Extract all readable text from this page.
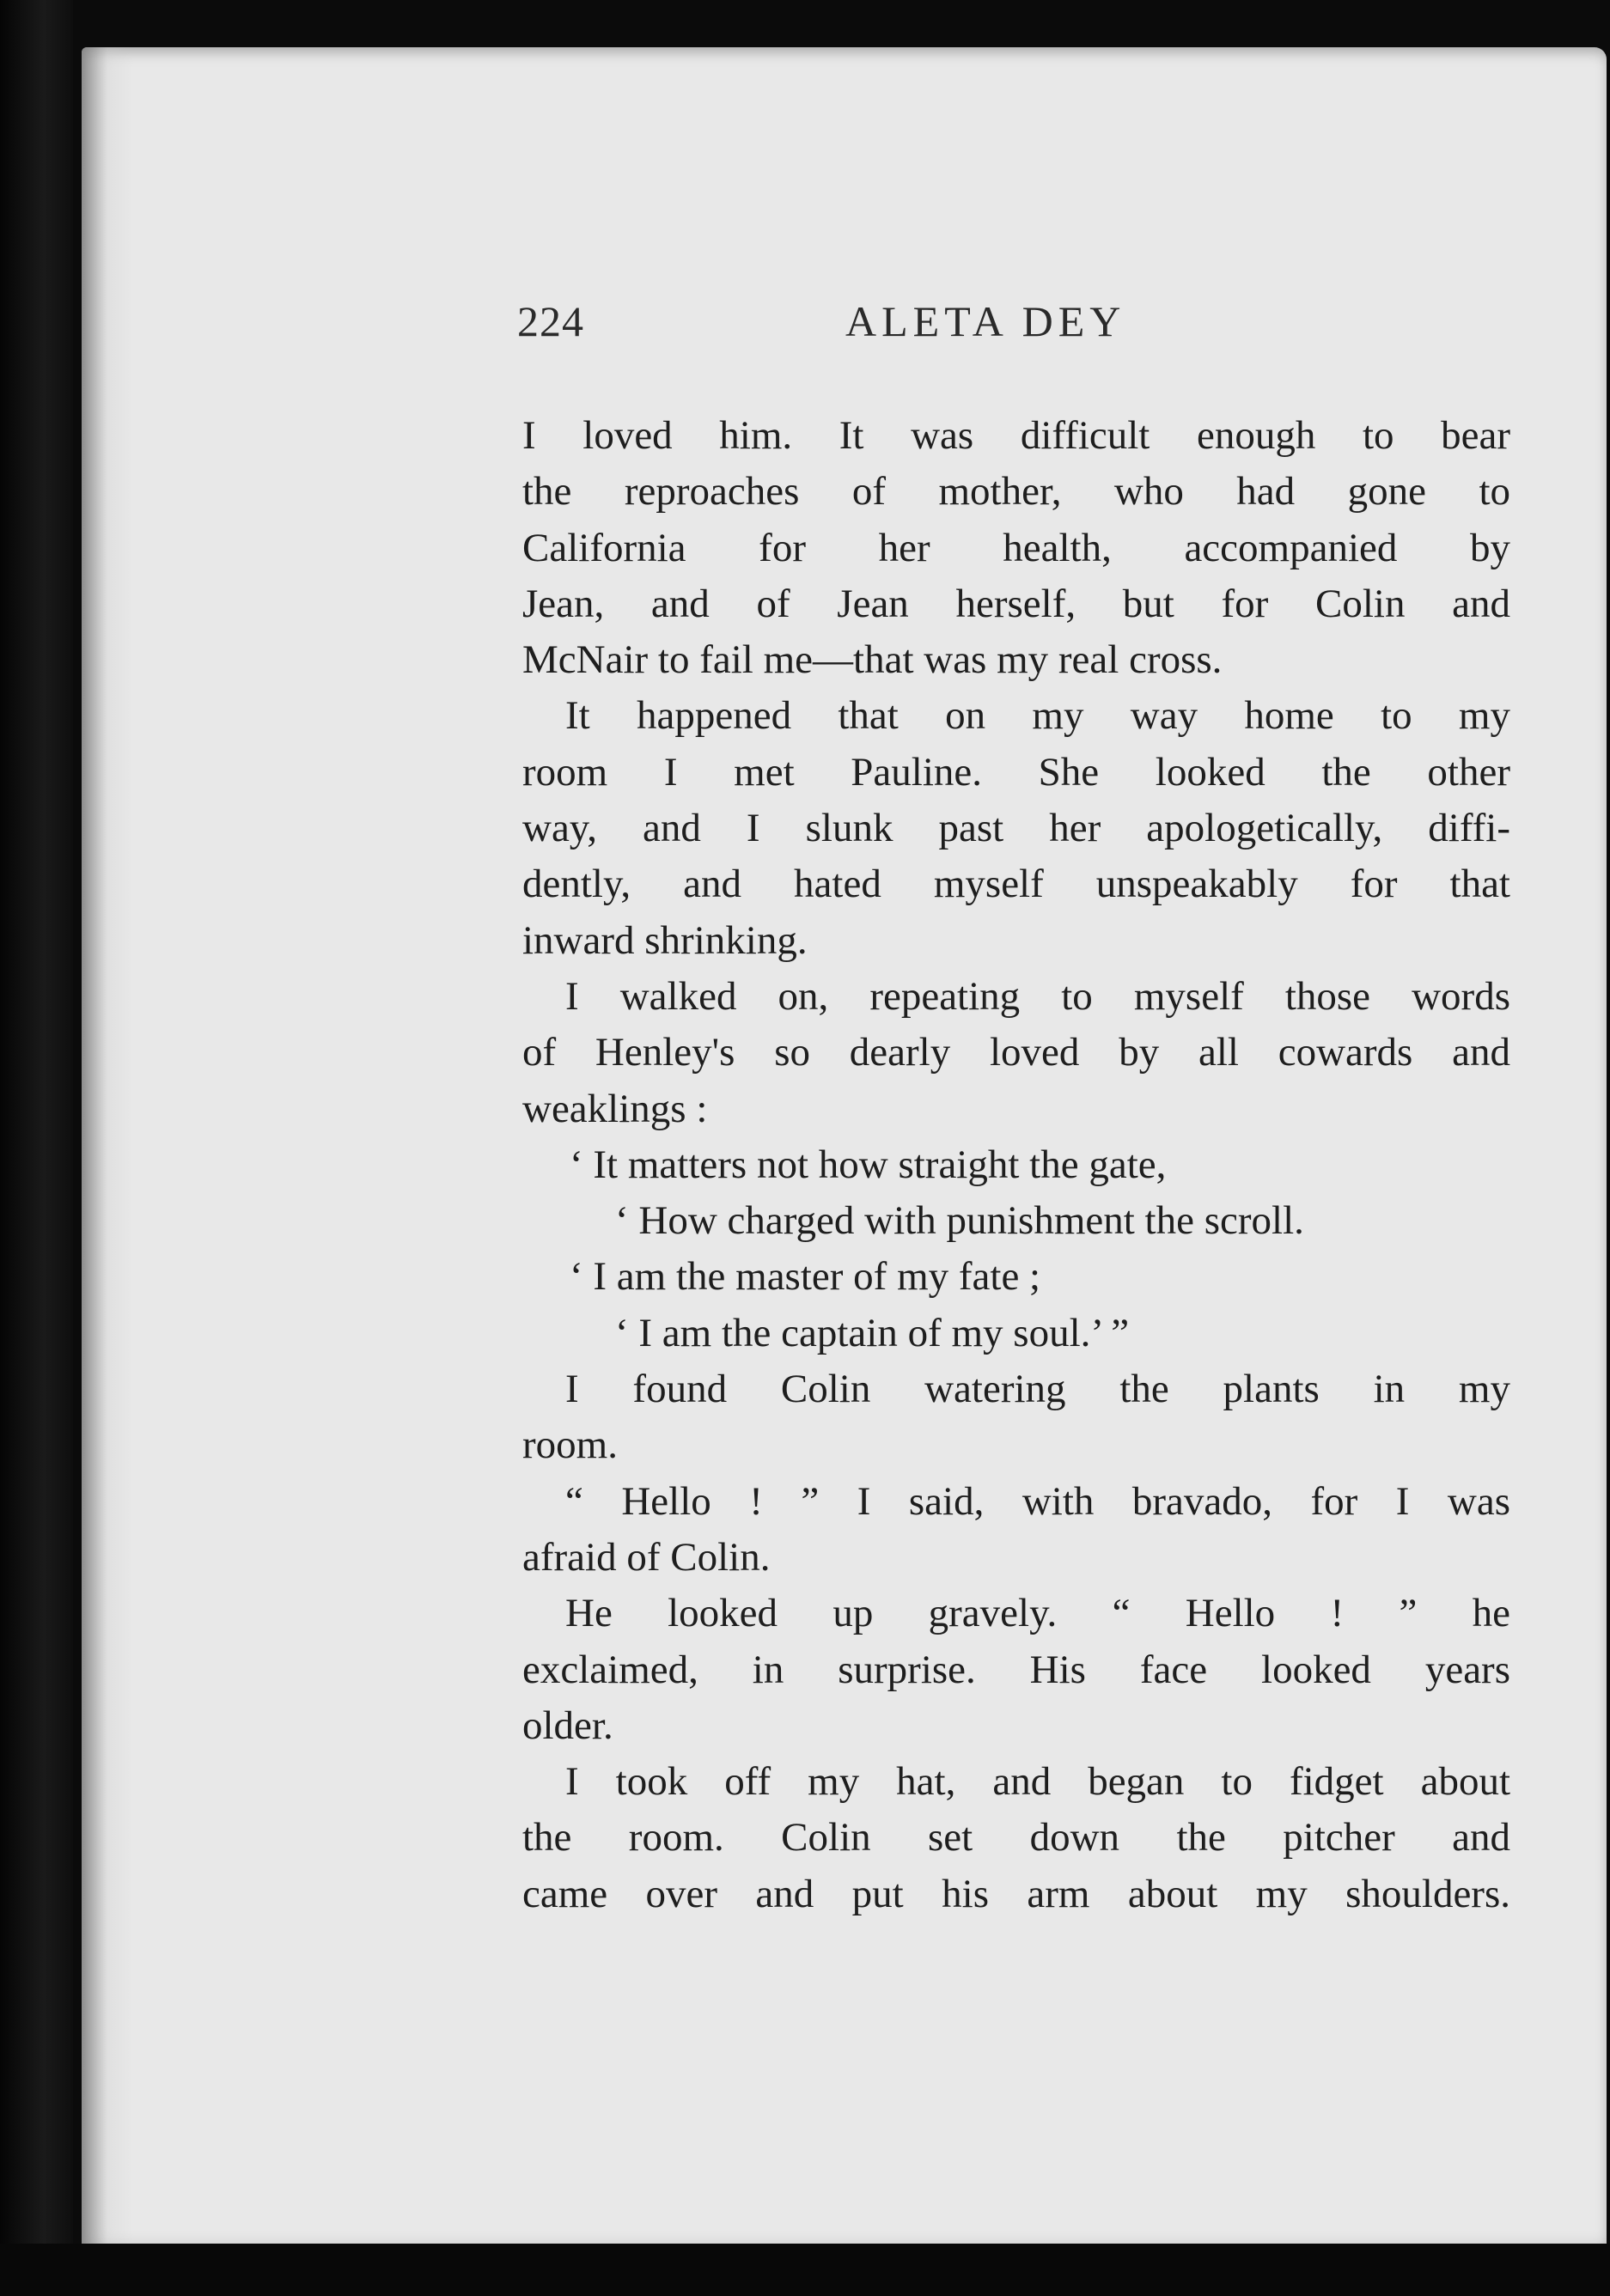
224	ALETA DEY
I loved him. It was difficult enough to bear
the reproaches of mother, who had gone to
California for her health, accompanied by
Jean, and of Jean herself, but for Colin and
McNair to fail me—that was my real cross.
It happened that on my way home to my
room I met Pauline. She looked the other
way, and I slunk past her apologetically, diffi-
dently, and hated myself unspeakably for that
inward shrinking.
I walked on, repeating to myself those words
of Henley's so dearly loved by all cowards and
weaklings :
‘ It matters not how straight the gate,
‘ How charged with punishment the scroll.
‘ I am the master of my fate ;
‘ I am the captain of my soul.’ ”
I found Colin watering the plants in my
room.
“ Hello ! ” I said, with bravado, for I was
afraid of Colin.
He looked up gravely. “ Hello ! ” he
exclaimed, in surprise. His face looked years
older.
I took off my hat, and began to fidget about
the room. Colin set down the pitcher and
came over and put his arm about my shoulders.
